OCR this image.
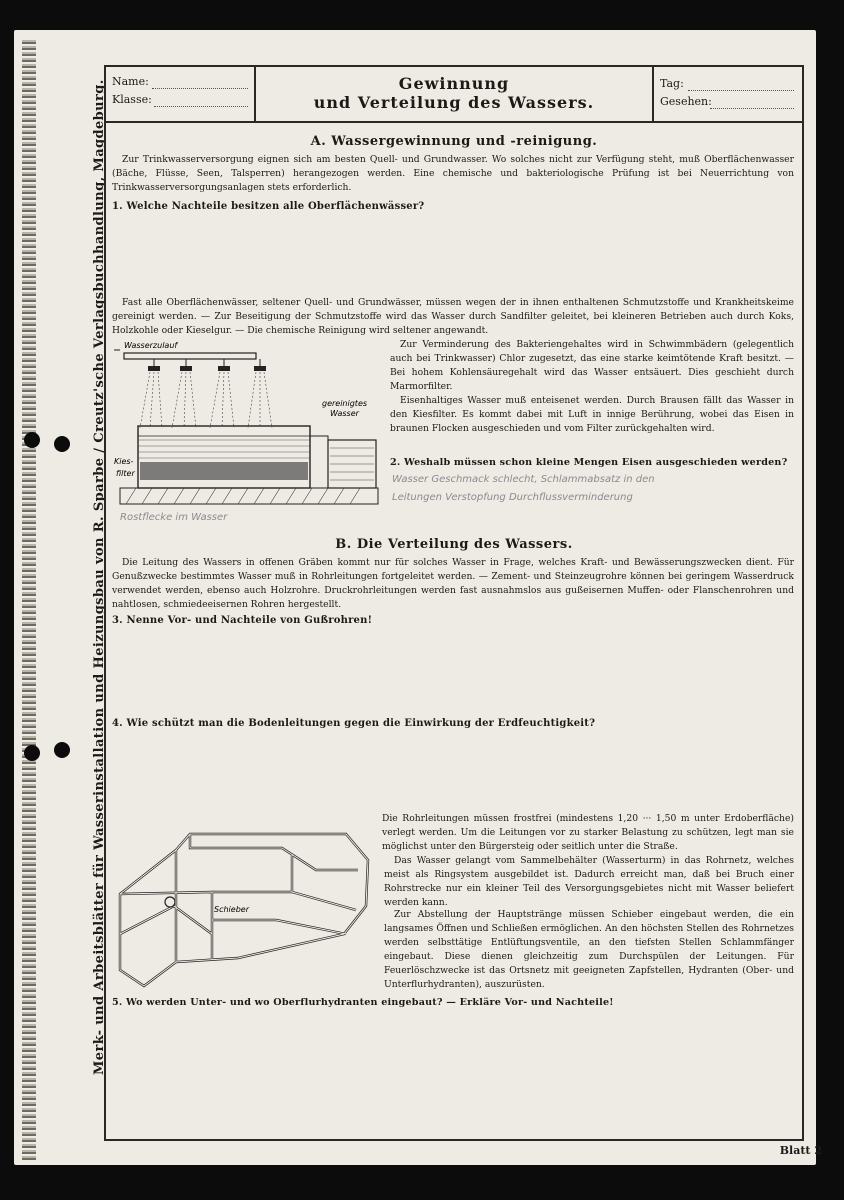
Merk- und Arbeitsblätter für Wasserinstallation und Heizungsbau von R. Sparbe / Creutz'sche Verlagsbuchhandlung, Magdeburg. Name:
Klasse:
Gewinnung
und Verteilung des Wassers.
Tag:
Gesehen:
A. Wassergewinnung und -reinigung.
Zur Trinkwasserversorgung eignen sich am besten Quell- und Grundwasser. Wo solches nicht zur Verfügung steht, muß Oberflächenwasser (Bäche, Flüsse, Seen, Talsperren) herangezogen werden. Eine chemische und bakteriologische Prüfung ist bei Neuerrichtung von Trinkwasserversorgungsanlagen stets erforderlich.
1. Welche Nachteile besitzen alle Oberflächenwässer?
Fast alle Oberflächenwässer, seltener Quell- und Grundwässer, müssen wegen der in ihnen enthaltenen Schmutzstoffe und Krankheitskeime gereinigt werden. — Zur Beseitigung der Schmutzstoffe wird das Wasser durch Sandfilter geleitet, bei kleineren Betrieben auch durch Koks, Holzkohle oder Kieselgur. — Die chemische Reinigung wird seltener angewandt.
Zur Verminderung des Bakteriengehaltes wird in Schwimmbädern (gelegentlich auch bei Trinkwasser) Chlor zugesetzt, das eine starke keimtötende Kraft besitzt. — Bei hohem Kohlensäuregehalt wird das Wasser entsäuert. Dies geschieht durch Marmorfilter.
Eisenhaltiges Wasser muß enteisenet werden. Durch Brausen fällt das Wasser in den Kiesfilter. Es kommt dabei mit Luft in innige Berührung, wobei das Eisen in braunen Flocken ausgeschieden und vom Filter zurückgehalten wird.
2. Weshalb müssen schon kleine Mengen Eisen ausgeschieden werden?
Wasserzulauf
gereinigtes
Wasser
Kies-
filter
Wasser Geschmack schlecht, Schlammabsatz in den
Leitungen Verstopfung Durchflussverminderung
Rostflecke im Wasser
B. Die Verteilung des Wassers.
Die Leitung des Wassers in offenen Gräben kommt nur für solches Wasser in Frage, welches Kraft- und Bewässerungszwecken dient. Für Genußzwecke bestimmtes Wasser muß in Rohrleitungen fortgeleitet werden. — Zement- und Steinzeugrohre können bei geringem Wasserdruck verwendet werden, ebenso auch Holzrohre. Druckrohrleitungen werden fast ausnahmslos aus gußeisernen Muffen- oder Flanschenrohren und nahtlosen, schmiedeeisernen Rohren hergestellt.
3. Nenne Vor- und Nachteile von Gußrohren!
4. Wie schützt man die Bodenleitungen gegen die Einwirkung der Erdfeuchtigkeit?
Die Rohrleitungen müssen frostfrei (mindestens 1,20 ··· 1,50 m unter Erdoberfläche) verlegt werden. Um die Leitungen vor zu starker Belastung zu schützen, legt man sie möglichst unter den Bürgersteig oder seitlich unter die Straße.
Das Wasser gelangt vom Sammelbehälter (Wasserturm) in das Rohrnetz, welches meist als Ringsystem ausgebildet ist. Dadurch erreicht man, daß bei Bruch einer Rohrstrecke nur ein kleiner Teil des Versorgungsgebietes nicht mit Wasser beliefert werden kann.
Zur Abstellung der Hauptstränge müssen Schieber eingebaut werden, die ein langsames Öffnen und Schließen ermöglichen. An den höchsten Stellen des Rohrnetzes werden selbsttätige Entlüftungsventile, an den tiefsten Stellen Schlammfänger eingebaut. Diese dienen gleichzeitig zum Durchspülen der Leitungen. Für Feuerlöschzwecke ist das Ortsnetz mit geeigneten Zapfstellen, Hydranten (Ober- und Unterflurhydranten), auszurüsten.
5. Wo werden Unter- und wo Oberflurhydranten eingebaut? — Erkläre Vor- und Nachteile!
Schieber
Blatt 2
